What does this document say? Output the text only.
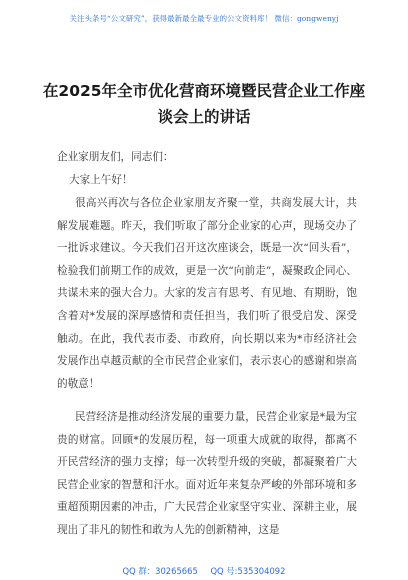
关注头条号“公文研究”，获得最新最全最专业的公文资料库！ 微信：gongwenyj
在2025年全市优化营商环境暨民营企业工作座谈会上的讲话
企业家朋友们，同志们：
大家上午好！

很高兴再次与各位企业家朋友齐聚一堂，共商发展大计，共解发展难题。昨天，我们听取了部分企业家的心声，现场交办了一批诉求建议。今天我们召开这次座谈会，既是一次“回头看”，检验我们前期工作的成效，更是一次“向前走”，凝聚政企同心、共谋未来的强大合力。大家的发言有思考、有见地、有期盼，饱含着对*发展的深厚感情和责任担当，我们听了很受启发、深受触动。在此，我代表市委、市政府，向长期以来为*市经济社会发展作出卓越贡献的全市民营企业家们，表示衷心的感谢和崇高的敬意！

民营经济是推动经济发展的重要力量，民营企业家是*最为宝贵的财富。回顾*的发展历程，每一项重大成就的取得，都离不开民营经济的强力支撑；每一次转型升级的突破，都凝聚着广大民营企业家的智慧和汗水。面对近年来复杂严峻的外部环境和多重超预期因素的冲击，广大民营企业家坚守实业、深耕主业，展现出了非凡的韧性和敢为人先的创新精神，这是

QQ 群：30265665 QQ 号:535304092
